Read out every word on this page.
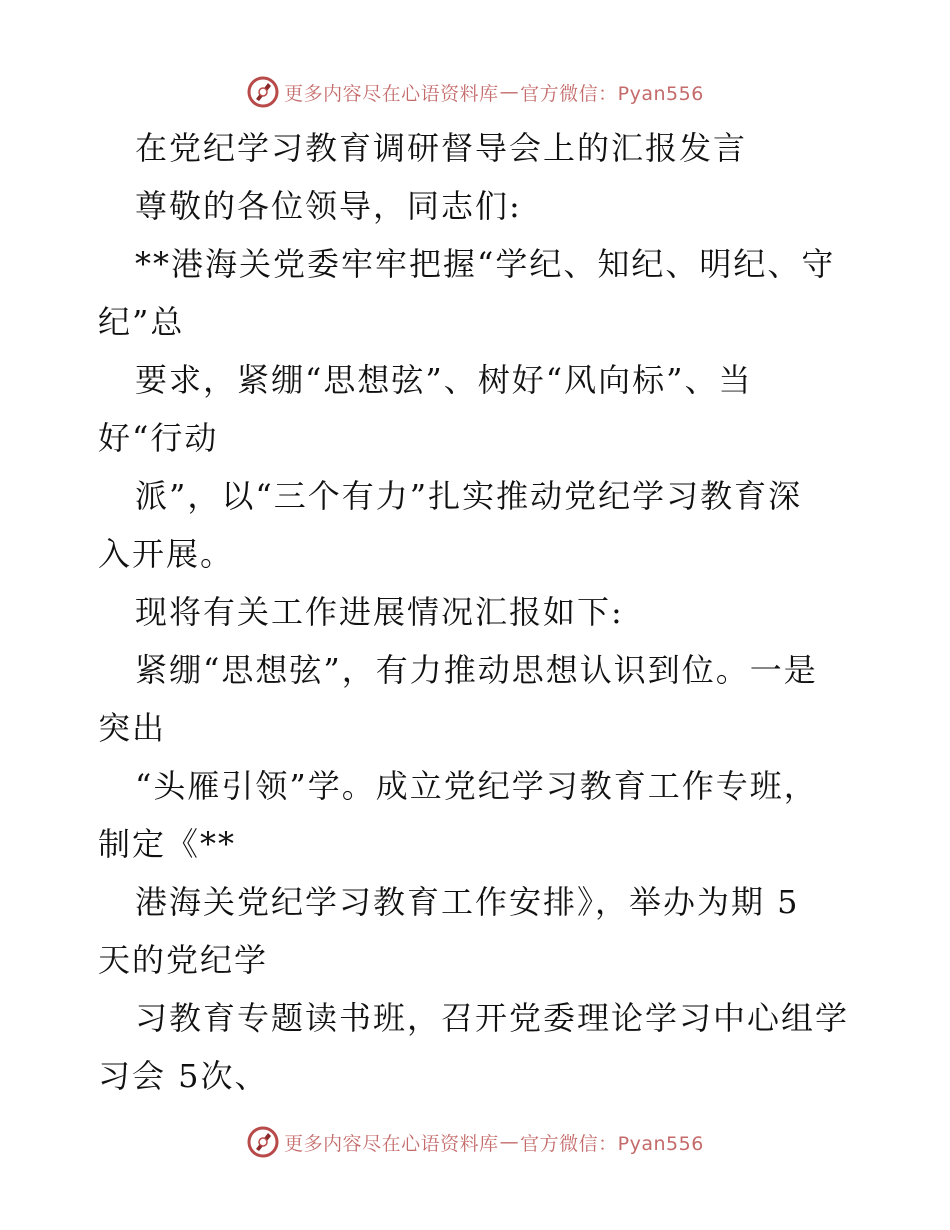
更多内容尽在心语资料库 — 官方微信：Pyan556
在党纪学习教育调研督导会上的汇报发言
尊敬的各位领导，同志们:
**港海关党委牢牢把握“学纪、知纪、明纪、守
纪”总
要求，紧绷“思想弦”、树好“风向标”、当
好“行动
派”，以“三个有力”扎实推动党纪学习教育深
入开展。
现将有关工作进展情况汇报如下:
紧绷“思想弦”，有力推动思想认识到位。一是
突出
“头雁引领”学。成立党纪学习教育工作专班，
制定《**
港海关党纪学习教育工作安排》，举办为期 5
天的党纪学
习教育专题读书班，召开党委理论学习中心组学
习会 5次、
更多内容尽在心语资料库 — 官方微信：Pyan556
